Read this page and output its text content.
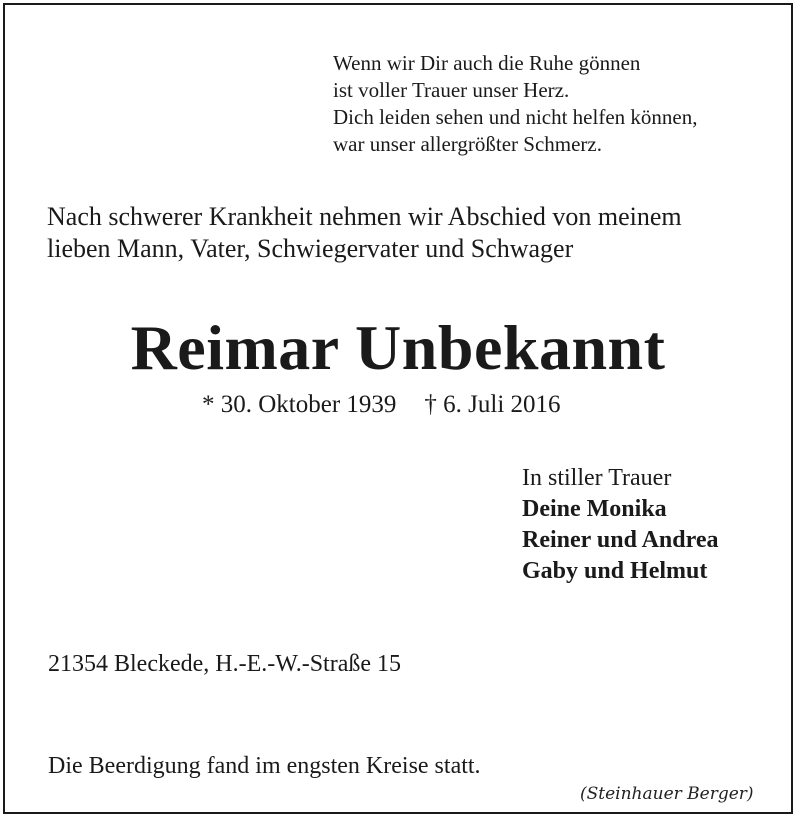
Wenn wir Dir auch die Ruhe gönnen
ist voller Trauer unser Herz.
Dich leiden sehen und nicht helfen können,
war unser allergrößter Schmerz.
Nach schwerer Krankheit nehmen wir Abschied von meinem
lieben Mann, Vater, Schwiegervater und Schwager
Reimar Unbekannt
* 30. Oktober 1939 † 6. Juli 2016
In stiller Trauer
Deine Monika
Reiner und Andrea
Gaby und Helmut
21354 Bleckede, H.-E.-W.-Straße 15
Die Beerdigung fand im engsten Kreise statt.
(Steinhauer Berger)
